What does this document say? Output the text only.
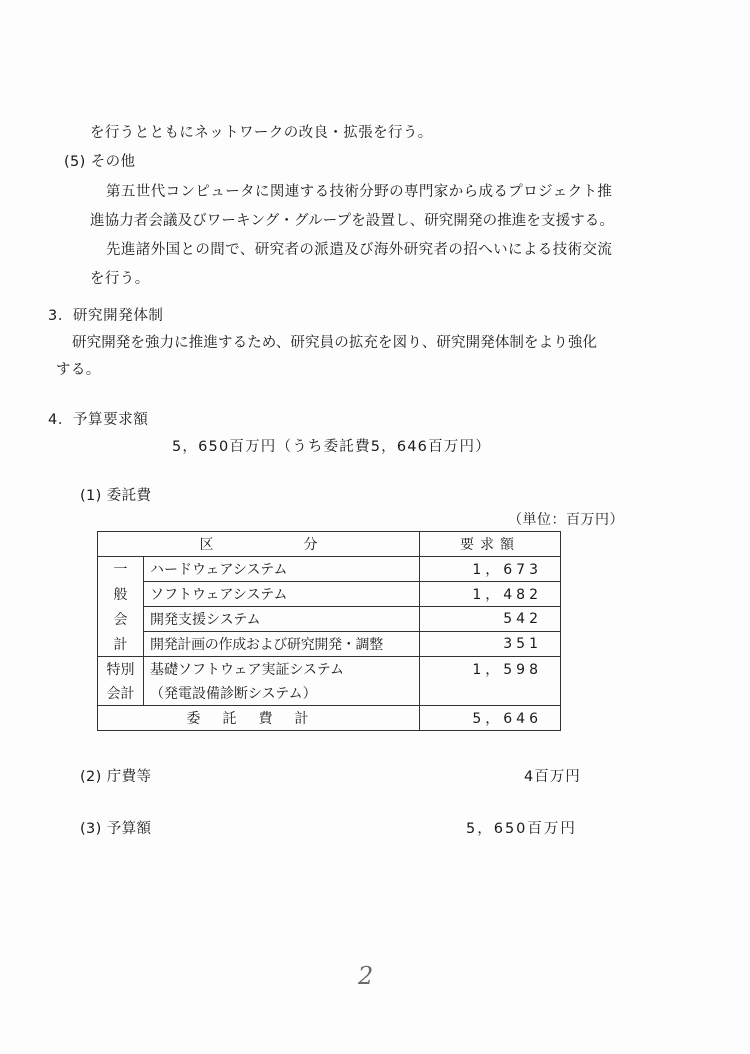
を行うとともにネットワークの改良・拡張を行う。
(5) その他
第五世代コンピュータに関連する技術分野の専門家から成るプロジェクト推
進協力者会議及びワーキング・グループを設置し、研究開発の推進を支援する。
先進諸外国との間で、研究者の派遣及び海外研究者の招へいによる技術交流
を行う。
3．研究開発体制
研究開発を強力に推進するため、研究員の拡充を図り、研究開発体制をより強化
する。
4．予算要求額
5，650百万円（うち委託費5，646百万円）
(1) 委託費
（単位：百万円）
区 分		要求額
一	ハードウェアシステム	1，673
般	ソフトウェアシステム	1，482
会	開発支援システム	542
計	開発計画の作成および研究開発・調整	351
特別	基礎ソフトウェア実証システム	1，598
会計	（発電設備診断システム）	
委託費計		5，646
(2) 庁費等	4百万円
(3) 予算額	5，650百万円
2
